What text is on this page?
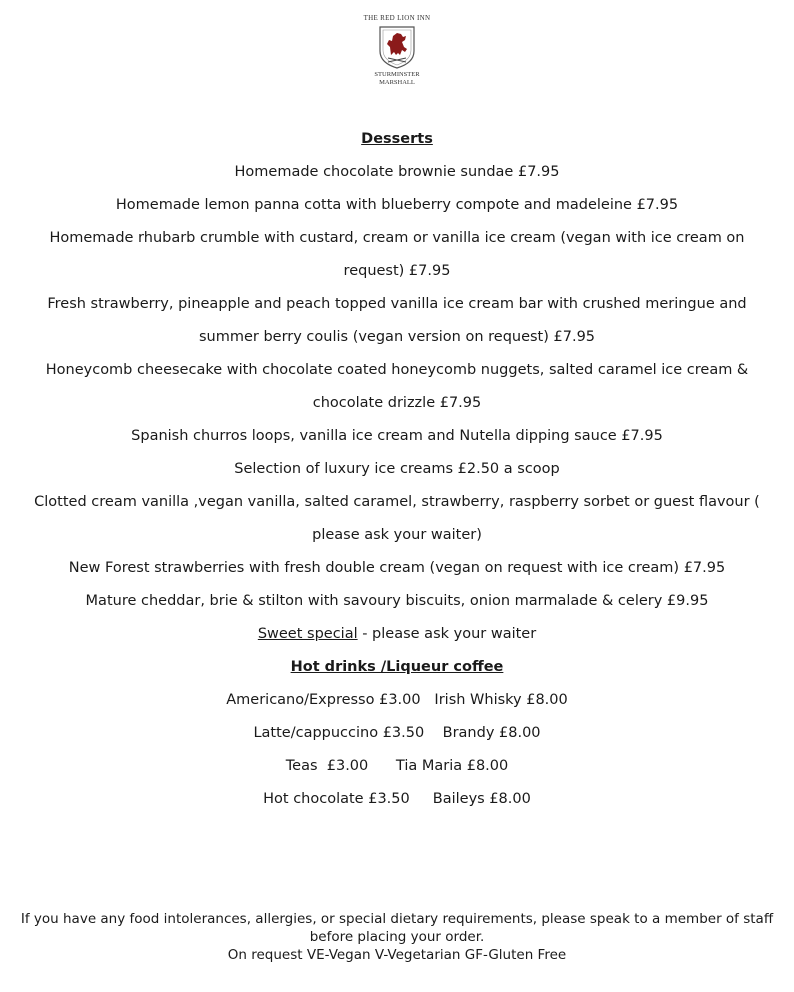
THE RED LION INN
STURMINSTER
MARSHALL

Desserts

Homemade chocolate brownie sundae £7.95

Homemade lemon panna cotta with blueberry compote and madeleine £7.95

Homemade rhubarb crumble with custard, cream or vanilla ice cream (vegan with ice cream on request) £7.95

Fresh strawberry, pineapple and peach topped vanilla ice cream bar with crushed meringue and summer berry coulis (vegan version on request) £7.95

Honeycomb cheesecake with chocolate coated honeycomb nuggets, salted caramel ice cream & chocolate drizzle £7.95

Spanish churros loops, vanilla ice cream and Nutella dipping sauce £7.95

Selection of luxury ice creams £2.50 a scoop

Clotted cream vanilla ,vegan vanilla, salted caramel, strawberry, raspberry sorbet or guest flavour ( please ask your waiter)

New Forest strawberries with fresh double cream (vegan on request with ice cream) £7.95

Mature cheddar, brie & stilton with savoury biscuits, onion marmalade & celery £9.95

Sweet special - please ask your waiter

Hot drinks /Liqueur coffee

Americano/Expresso £3.00   Irish Whisky £8.00

Latte/cappuccino £3.50    Brandy £8.00

Teas  £3.00      Tia Maria £8.00

Hot chocolate £3.50     Baileys £8.00

If you have any food intolerances, allergies, or special dietary requirements, please speak to a member of staff before placing your order.

On request VE-Vegan V-Vegetarian GF-Gluten Free
